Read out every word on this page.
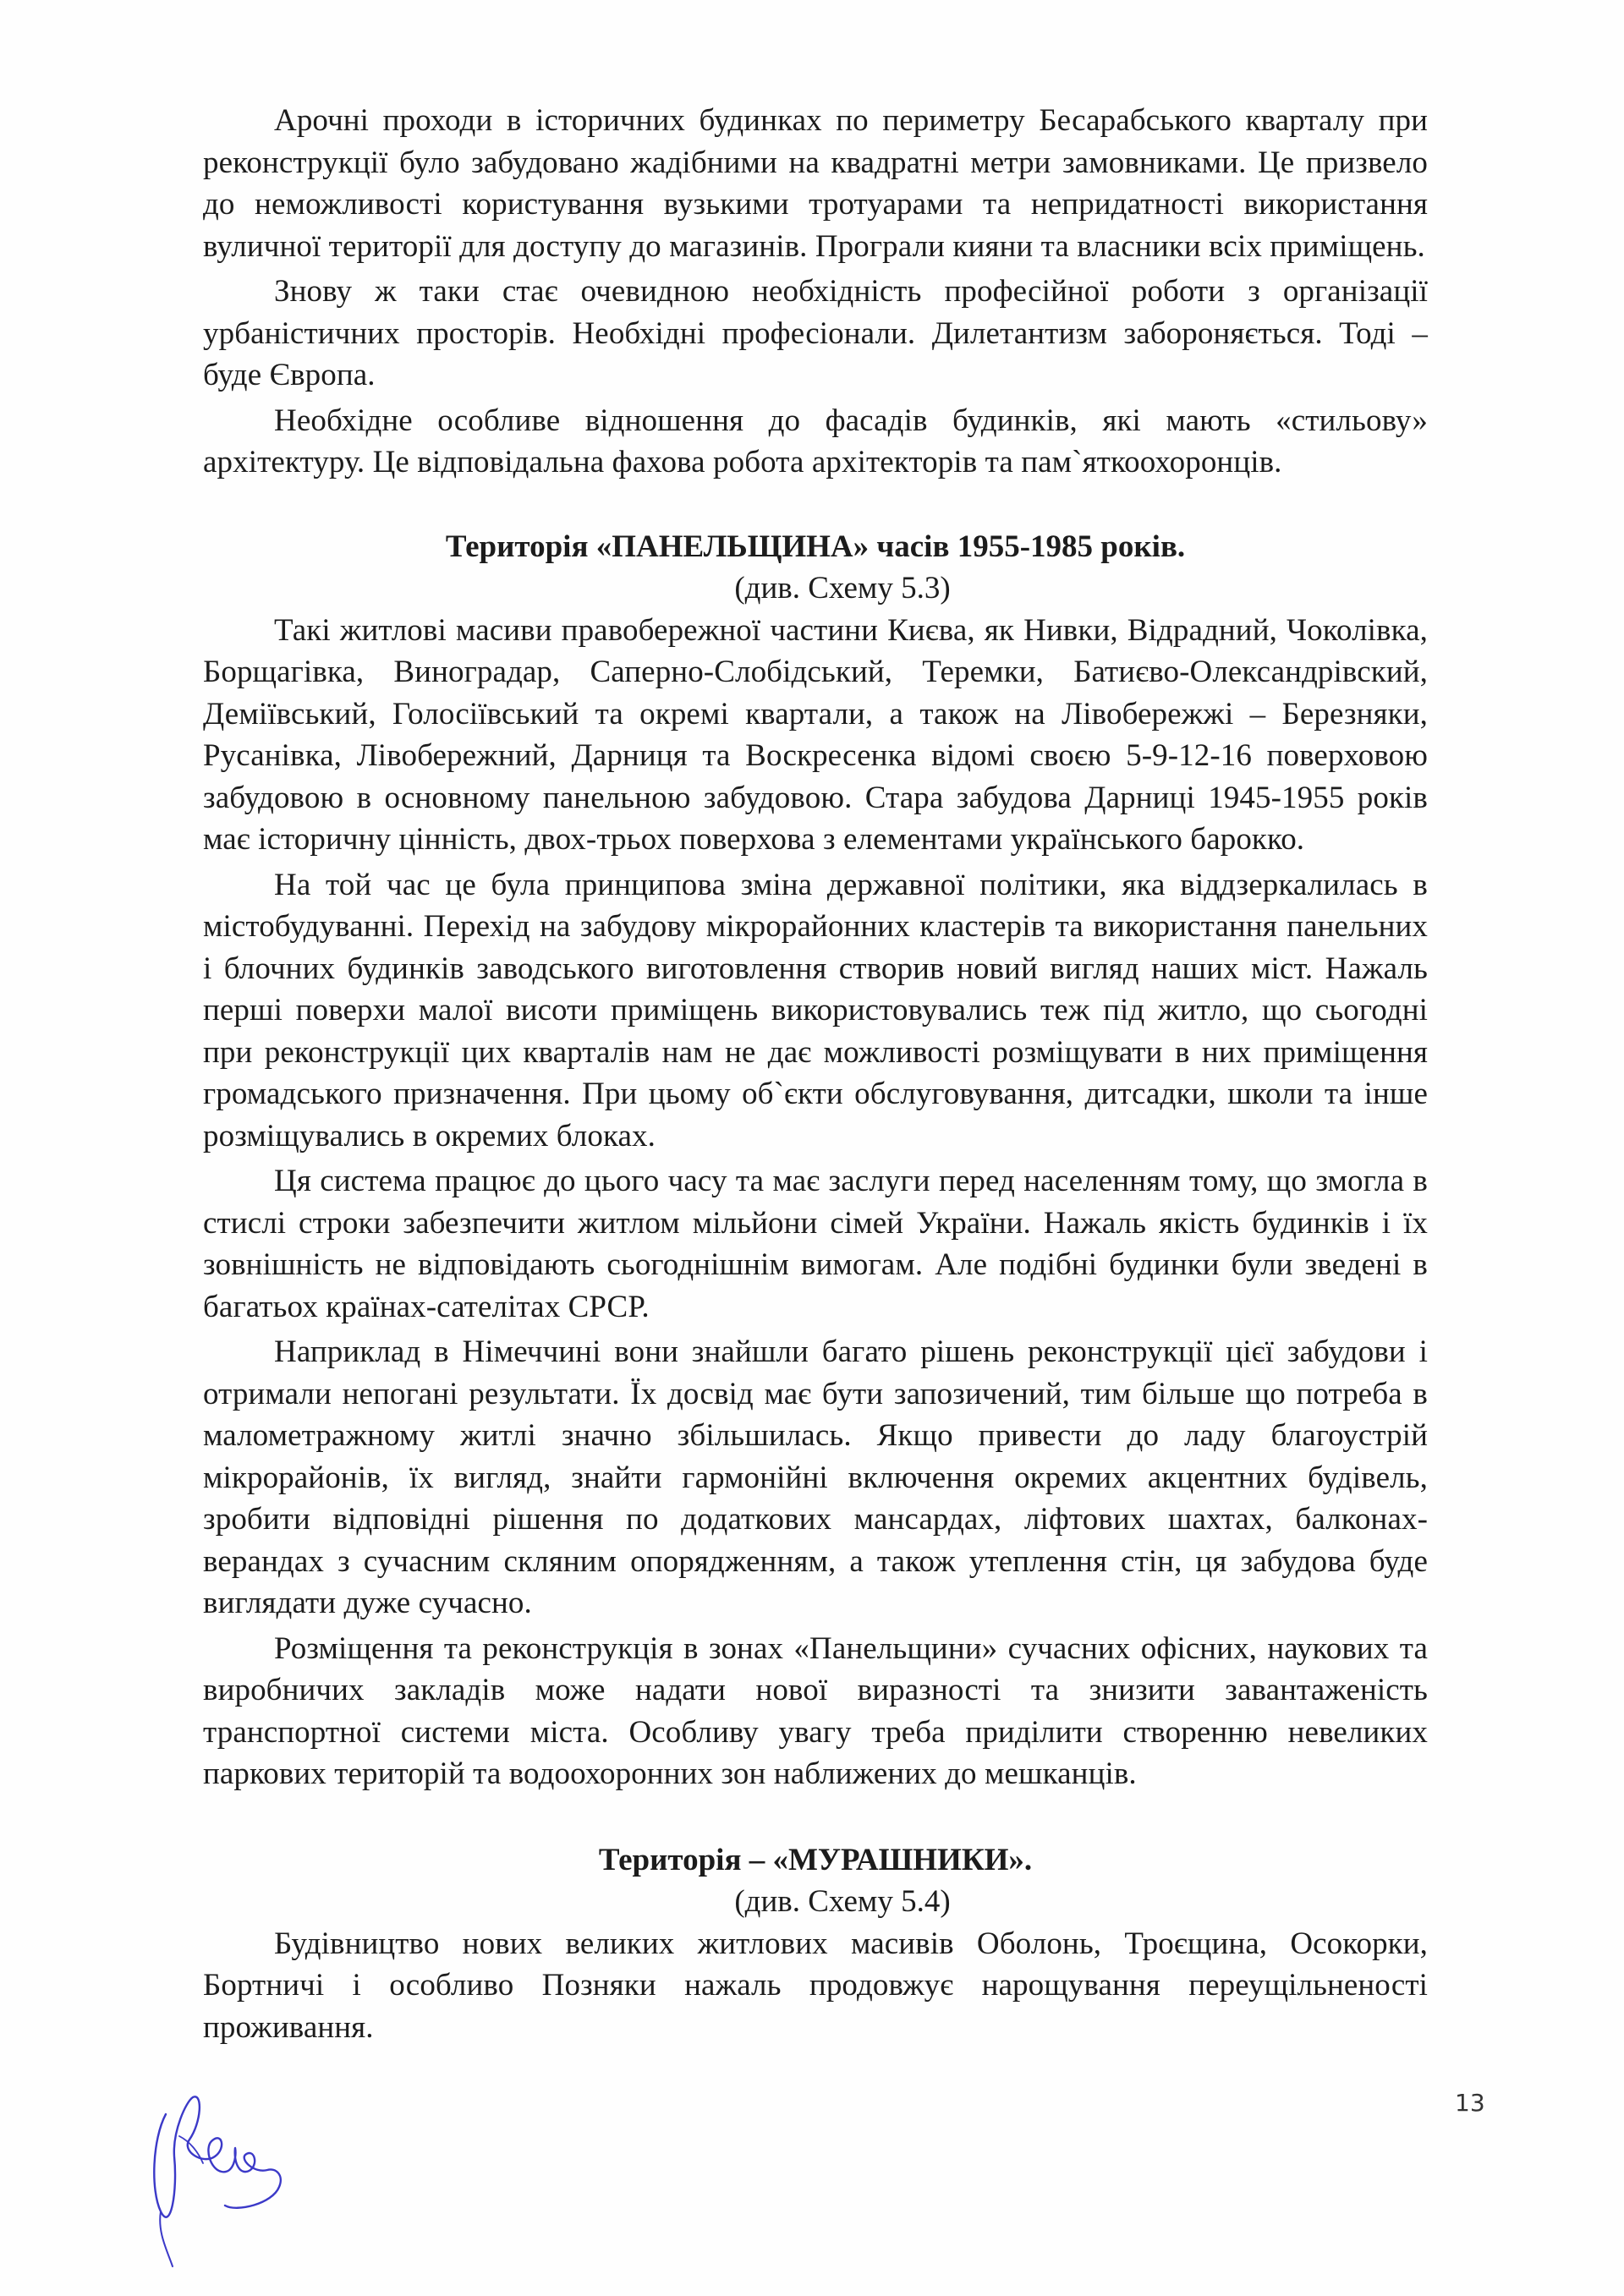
Арочні проходи в історичних будинках по периметру Бесарабського кварталу при реконструкції було забудовано жадібними на квадратні метри замовниками. Це призвело до неможливості користування вузькими тротуарами та непридатності використання вуличної території для доступу до магазинів. Програли кияни та власники всіх приміщень.

Знову ж таки стає очевидною необхідність професійної роботи з організації урбаністичних просторів. Необхідні професіонали. Дилетантизм забороняється. Тоді – буде Європа.

Необхідне особливе відношення до фасадів будинків, які мають «стильову» архітектуру. Це відповідальна фахова робота архітекторів та пам`яткоохоронців.

Територія «ПАНЕЛЬЩИНА» часів 1955-1985 років.
(див. Схему 5.3)

Такі житлові масиви правобережної частини Києва, як Нивки, Відрадний, Чоколівка, Борщагівка, Виноградар, Саперно-Слобідський, Теремки, Батиєво-Олександрівский, Деміївський, Голосіївський та окремі квартали, а також на Лівобережжі – Березняки, Русанівка, Лівобережний, Дарниця та Воскресенка відомі своєю 5-9-12-16 поверховою забудовою в основному панельною забудовою. Стара забудова Дарниці 1945-1955 років має історичну цінність, двох-трьох поверхова з елементами українського барокко.

На той час це була принципова зміна державної політики, яка віддзеркалилась в містобудуванні. Перехід на забудову мікрорайонних кластерів та використання панельних і блочних будинків заводського виготовлення створив новий вигляд наших міст. Нажаль перші поверхи малої висоти приміщень використовувались теж під житло, що сьогодні при реконструкції цих кварталів нам не дає можливості розміщувати в них приміщення громадського призначення. При цьому об`єкти обслуговування, дитсадки, школи та інше розміщувались в окремих блоках.

Ця система працює до цього часу та має заслуги перед населенням тому, що змогла в стислі строки забезпечити житлом мільйони сімей України. Нажаль якість будинків і їх зовнішність не відповідають сьогоднішнім вимогам. Але подібні будинки були зведені в багатьох країнах-сателітах СРСР.

Наприклад в Німеччині вони знайшли багато рішень реконструкції цієї забудови і отримали непогані результати. Їх досвід має бути запозичений, тим більше що потреба в малометражному житлі значно збільшилась. Якщо привести до ладу благоустрій мікрорайонів, їх вигляд, знайти гармонійні включення окремих акцентних будівель, зробити відповідні рішення по додаткових мансардах, ліфтових шахтах, балконах-верандах з сучасним скляним опорядженням, а також утеплення стін, ця забудова буде виглядати дуже сучасно.

Розміщення та реконструкція в зонах «Панельщини» сучасних офісних, наукових та виробничих закладів може надати нової виразності та знизити завантаженість транспортної системи міста. Особливу увагу треба приділити створенню невеликих паркових територій та водоохоронних зон наближених до мешканців.

Територія – «МУРАШНИКИ».
(див. Схему 5.4)

Будівництво нових великих житлових масивів Оболонь, Троєщина, Осокорки, Бортничі і особливо Позняки нажаль продовжує нарощування переущільненості проживання.

13
